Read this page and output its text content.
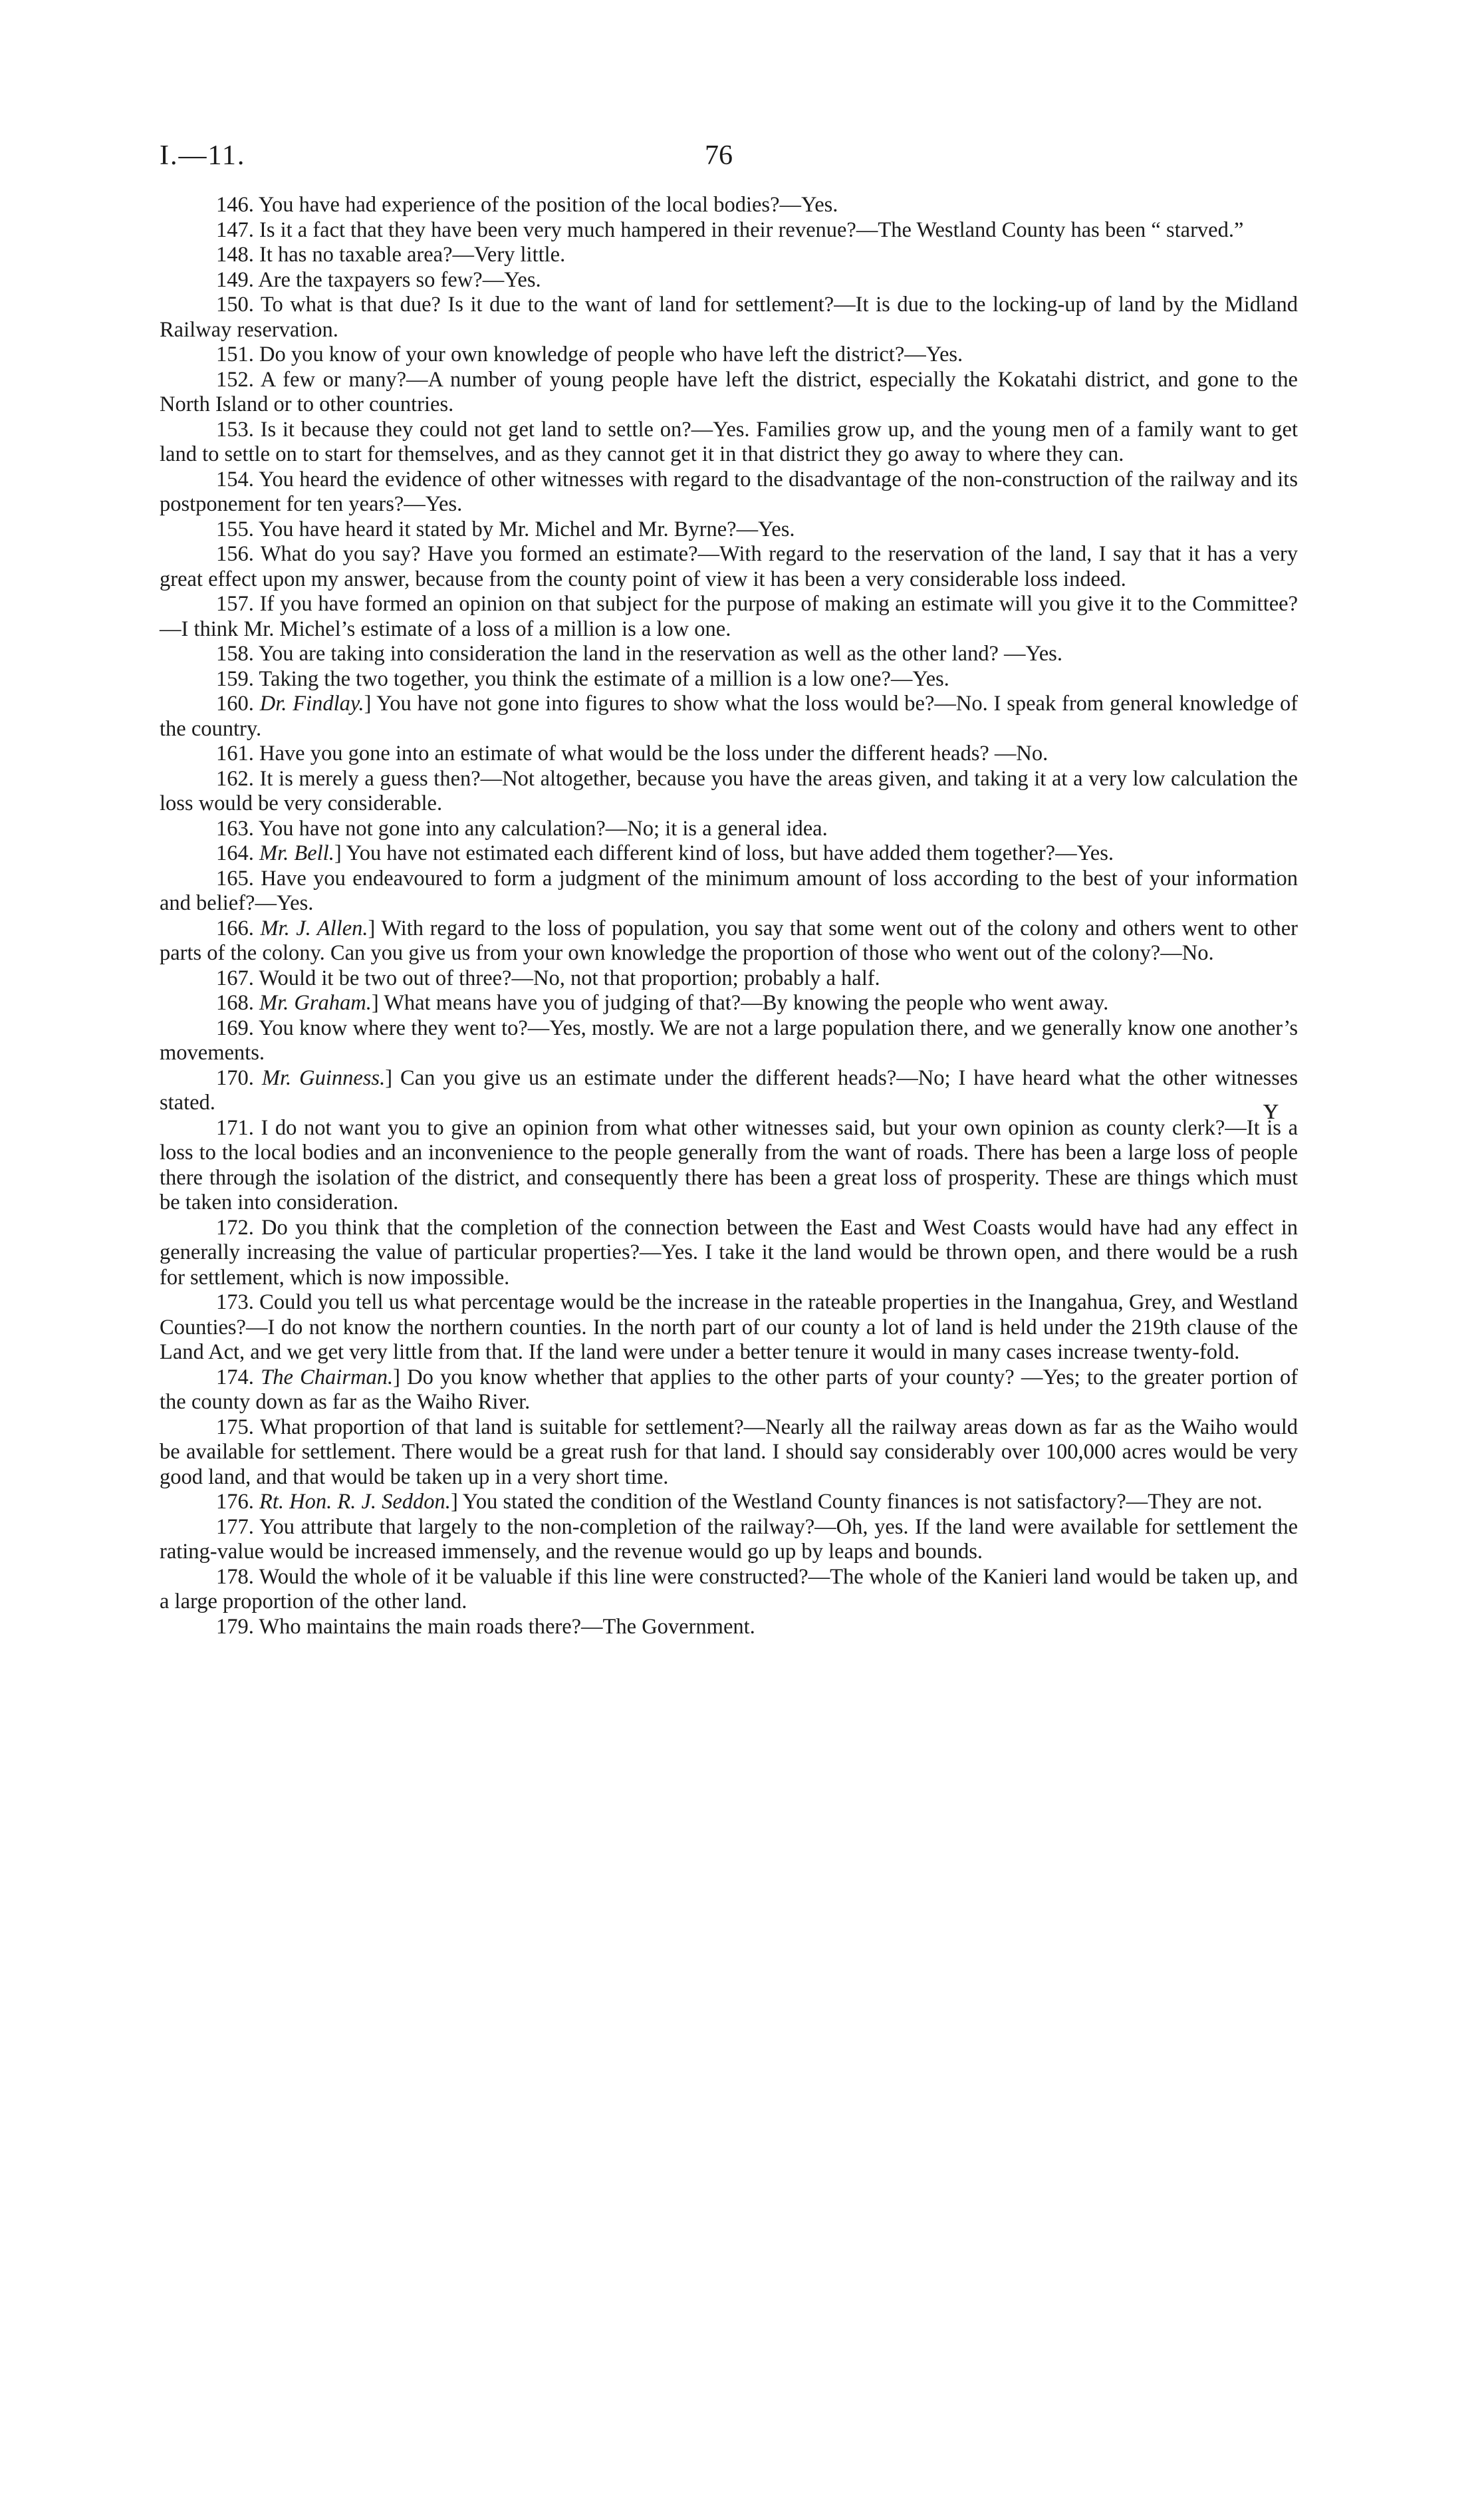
I.—11.	76

146. You have had experience of the position of the local bodies?—Yes.

147. Is it a fact that they have been very much hampered in their revenue?—The Westland County has been “ starved.”

148. It has no taxable area?—Very little.

149. Are the taxpayers so few?—Yes.

150. To what is that due? Is it due to the want of land for settlement?—It is due to the locking-up of land by the Midland Railway reservation.

151. Do you know of your own knowledge of people who have left the district?—Yes.

152. A few or many?—A number of young people have left the district, especially the Kokatahi district, and gone to the North Island or to other countries.

153. Is it because they could not get land to settle on?—Yes. Families grow up, and the young men of a family want to get land to settle on to start for themselves, and as they cannot get it in that district they go away to where they can.

154. You heard the evidence of other witnesses with regard to the disadvantage of the non-construction of the railway and its postponement for ten years?—Yes.

155. You have heard it stated by Mr. Michel and Mr. Byrne?—Yes.

156. What do you say? Have you formed an estimate?—With regard to the reservation of the land, I say that it has a very great effect upon my answer, because from the county point of view it has been a very considerable loss indeed.

157. If you have formed an opinion on that subject for the purpose of making an estimate will you give it to the Committee?—I think Mr. Michel’s estimate of a loss of a million is a low one.

158. You are taking into consideration the land in the reservation as well as the other land? —Yes.

159. Taking the two together, you think the estimate of a million is a low one?—Yes.

160. Dr. Findlay.] You have not gone into figures to show what the loss would be?—No. I speak from general knowledge of the country.

161. Have you gone into an estimate of what would be the loss under the different heads? —No.

162. It is merely a guess then?—Not altogether, because you have the areas given, and taking it at a very low calculation the loss would be very considerable.

163. You have not gone into any calculation?—No; it is a general idea.

164. Mr. Bell.] You have not estimated each different kind of loss, but have added them together?—Yes.

165. Have you endeavoured to form a judgment of the minimum amount of loss according to the best of your information and belief?—Yes.

166. Mr. J. Allen.] With regard to the loss of population, you say that some went out of the colony and others went to other parts of the colony. Can you give us from your own knowledge the proportion of those who went out of the colony?—No.

167. Would it be two out of three?—No, not that proportion; probably a half.

168. Mr. Graham.] What means have you of judging of that?—By knowing the people who went away.

169. You know where they went to?—Yes, mostly. We are not a large population there, and we generally know one another’s movements.

170. Mr. Guinness.] Can you give us an estimate under the different heads?—No; I have heard what the other witnesses stated.

171. I do not want you to give an opinion from what other witnesses said, but your own opinion as county clerk?—It is a loss to the local bodies and an inconvenience to the people generally from the want of roads. There has been a large loss of people there through the isolation of the district, and consequently there has been a great loss of prosperity. These are things which must be taken into consideration.

172. Do you think that the completion of the connection between the East and West Coasts would have had any effect in generally increasing the value of particular properties?—Yes. I take it the land would be thrown open, and there would be a rush for settlement, which is now impossible.

173. Could you tell us what percentage would be the increase in the rateable properties in the Inangahua, Grey, and Westland Counties?—I do not know the northern counties. In the north part of our county a lot of land is held under the 219th clause of the Land Act, and we get very little from that. If the land were under a better tenure it would in many cases increase twenty-fold.

174. The Chairman.] Do you know whether that applies to the other parts of your county? —Yes; to the greater portion of the county down as far as the Waiho River.

175. What proportion of that land is suitable for settlement?—Nearly all the railway areas down as far as the Waiho would be available for settlement. There would be a great rush for that land. I should say considerably over 100,000 acres would be very good land, and that would be taken up in a very short time.

176. Rt. Hon. R. J. Seddon.] You stated the condition of the Westland County finances is not satisfactory?—They are not.

177. You attribute that largely to the non-completion of the railway?—Oh, yes. If the land were available for settlement the rating-value would be increased immensely, and the revenue would go up by leaps and bounds.

178. Would the whole of it be valuable if this line were constructed?—The whole of the Kanieri land would be taken up, and a large proportion of the other land.

179. Who maintains the main roads there?—The Government.

ʏ
